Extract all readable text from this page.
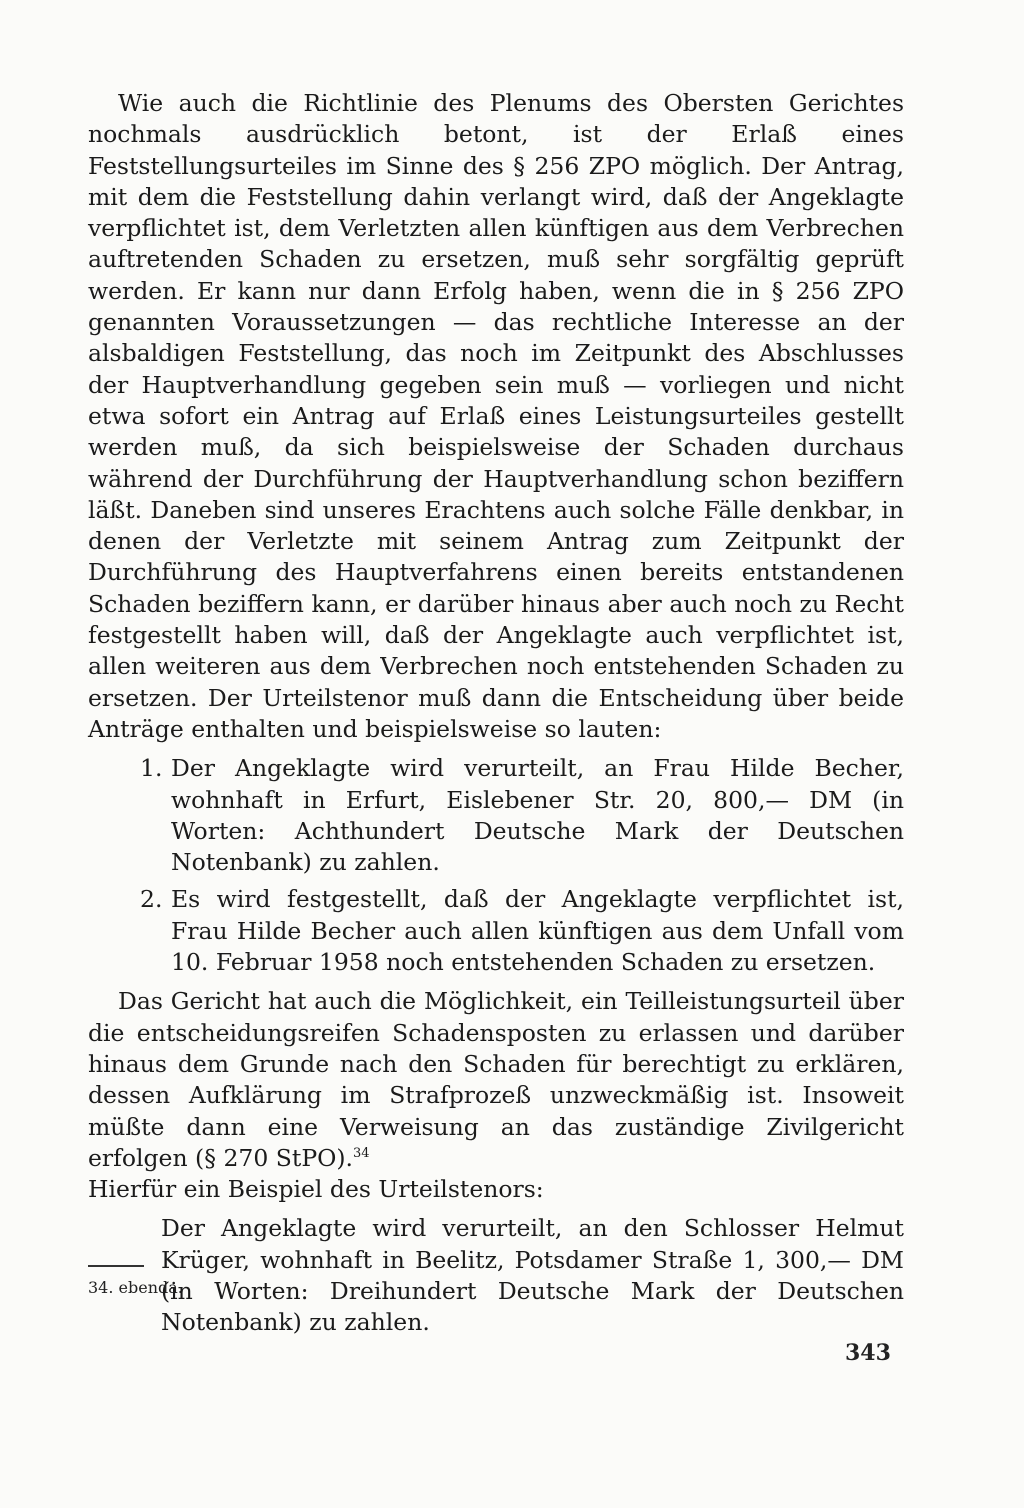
Wie auch die Richtlinie des Plenums des Obersten Gerichtes nochmals ausdrücklich betont, ist der Erlaß eines Feststellungsurteiles im Sinne des § 256 ZPO möglich. Der Antrag, mit dem die Feststellung dahin verlangt wird, daß der Angeklagte verpflichtet ist, dem Verletzten allen künftigen aus dem Verbrechen auftretenden Schaden zu ersetzen, muß sehr sorgfältig geprüft werden. Er kann nur dann Erfolg haben, wenn die in § 256 ZPO genannten Voraussetzungen — das rechtliche Interesse an der alsbaldigen Feststellung, das noch im Zeitpunkt des Abschlusses der Hauptverhandlung gegeben sein muß — vorliegen und nicht etwa sofort ein Antrag auf Erlaß eines Leistungsurteiles gestellt werden muß, da sich beispielsweise der Schaden durchaus während der Durchführung der Hauptverhandlung schon beziffern läßt. Daneben sind unseres Erachtens auch solche Fälle denkbar, in denen der Verletzte mit seinem Antrag zum Zeitpunkt der Durchführung des Hauptverfahrens einen bereits entstandenen Schaden beziffern kann, er darüber hinaus aber auch noch zu Recht festgestellt haben will, daß der Angeklagte auch verpflichtet ist, allen weiteren aus dem Verbrechen noch entstehenden Schaden zu ersetzen. Der Urteilstenor muß dann die Entscheidung über beide Anträge enthalten und beispielsweise so lauten:

1. Der Angeklagte wird verurteilt, an Frau Hilde Becher, wohnhaft in Erfurt, Eislebener Str. 20, 800,— DM (in Worten: Achthundert Deutsche Mark der Deutschen Notenbank) zu zahlen.
2. Es wird festgestellt, daß der Angeklagte verpflichtet ist, Frau Hilde Becher auch allen künftigen aus dem Unfall vom 10. Februar 1958 noch entstehenden Schaden zu ersetzen.

Das Gericht hat auch die Möglichkeit, ein Teilleistungsurteil über die entscheidungsreifen Schadensposten zu erlassen und darüber hinaus dem Grunde nach den Schaden für berechtigt zu erklären, dessen Aufklärung im Strafprozeß unzweckmäßig ist. Insoweit müßte dann eine Verweisung an das zuständige Zivilgericht erfolgen (§ 270 StPO).$^{34}$

Hierfür ein Beispiel des Urteilstenors:

Der Angeklagte wird verurteilt, an den Schlosser Helmut Krüger, wohnhaft in Beelitz, Potsdamer Straße 1, 300,— DM (in Worten: Dreihundert Deutsche Mark der Deutschen Notenbank) zu zahlen.

34. ebenda.
343
